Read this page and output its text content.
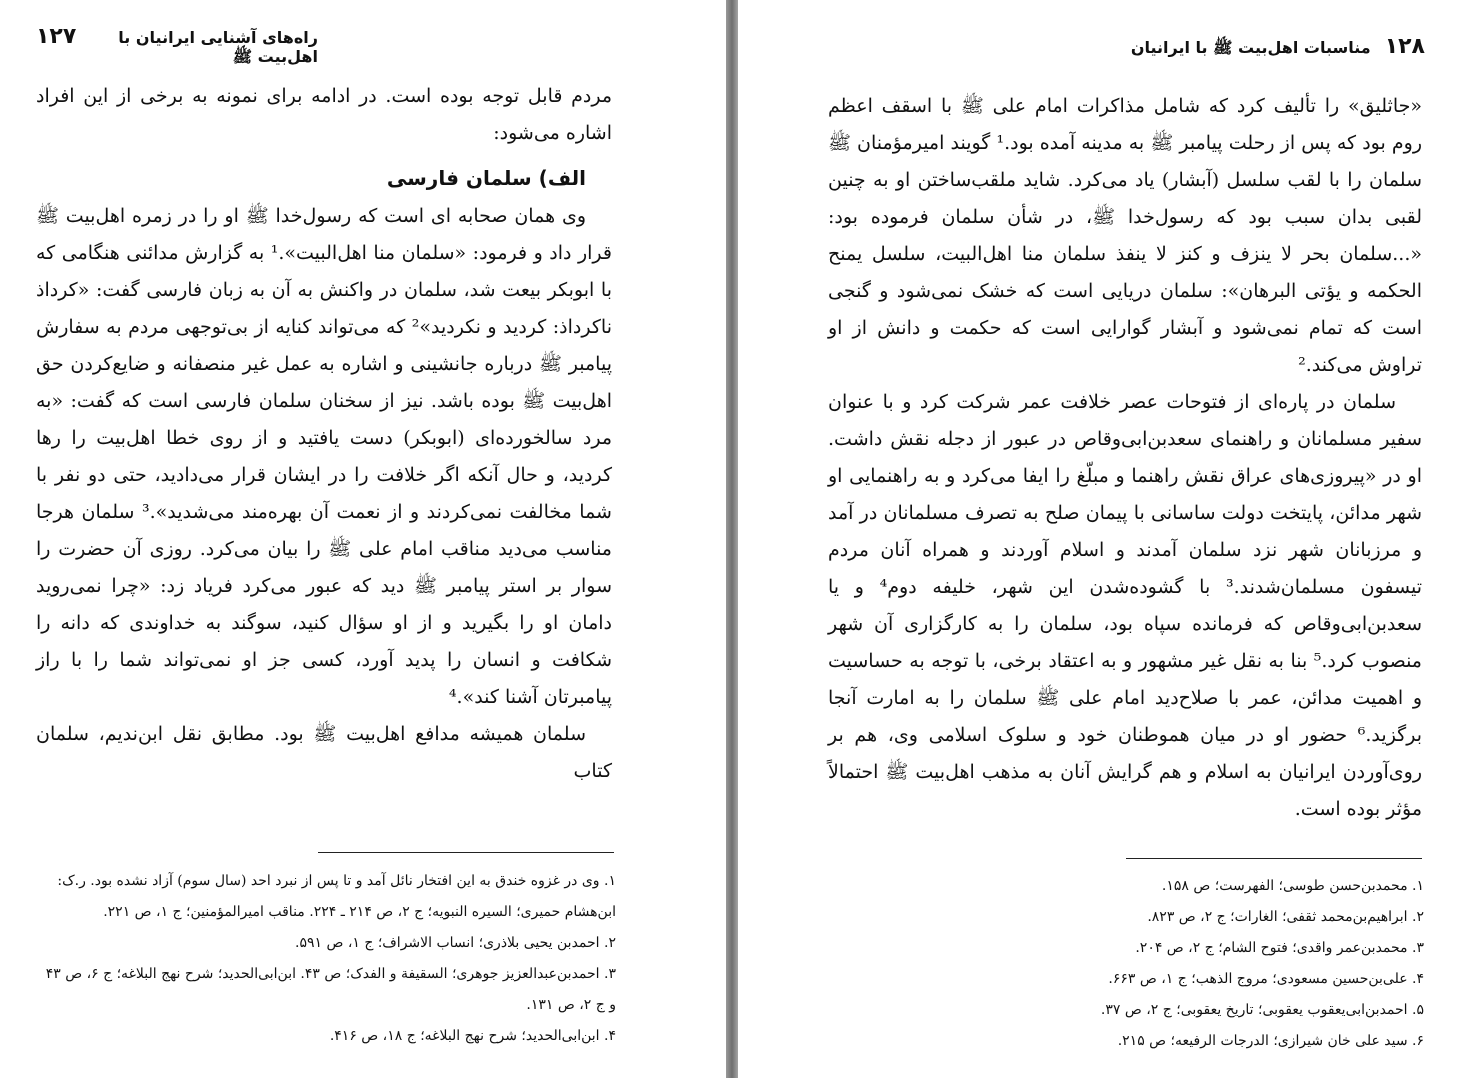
راه‌های آشنایی ایرانیان با اهل‌بیت ﷺ
۱۲۷

مردم قابل توجه بوده است. در ادامه برای نمونه به برخی از این افراد اشاره می‌شود:

الف) سلمان فارسی

وی همان صحابه ای است که رسول‌خدا ﷺ او را در زمره اهل‌بیت ﷺ قرار داد و فرمود: «سلمان منا اهل‌البیت».¹ به گزارش مدائنی هنگامی که با ابوبکر بیعت شد، سلمان در واکنش به آن به زبان فارسی گفت: «کرداذ ناکرداذ: کردید و نکردید»² که می‌تواند کنایه از بی‌توجهی مردم به سفارش پیامبر ﷺ درباره جانشینی و اشاره به عمل غیر منصفانه و ضایع‌کردن حق اهل‌بیت ﷺ بوده باشد. نیز از سخنان سلمان فارسی است که گفت: «به مرد سالخورده‌ای (ابوبکر) دست یافتید و از روی خطا اهل‌بیت را رها کردید، و حال آنکه اگر خلافت را در ایشان قرار می‌دادید، حتی دو نفر با شما مخالفت نمی‌کردند و از نعمت آن بهره‌مند می‌شدید».³ سلمان هرجا مناسب می‌دید مناقب امام علی ﷺ را بیان می‌کرد. روزی آن حضرت را سوار بر استر پیامبر ﷺ دید که عبور می‌کرد فریاد زد: «چرا نمی‌روید دامان او را بگیرید و از او سؤال کنید، سوگند به خداوندی که دانه را شکافت و انسان را پدید آورد، کسی جز او نمی‌تواند شما را با راز پیامبرتان آشنا کند».⁴

سلمان همیشه مدافع اهل‌بیت ﷺ بود. مطابق نقل ابن‌ندیم، سلمان کتاب

۱. وی در غزوه خندق به این افتخار نائل آمد و تا پس از نبرد احد (سال سوم) آزاد نشده بود. ر.ک: ابن‌هشام حمیری؛ السیره النبویه؛ ج ۲، ص ۲۱۴ ـ ۲۲۴. مناقب امیرالمؤمنین؛ ج ۱، ص ۲۲۱.
۲. احمدبن یحیی بلاذری؛ انساب الاشراف؛ ج ۱، ص ۵۹۱.
۳. احمدبن‌عبدالعزیز جوهری؛ السقیفة و الفدک؛ ص ۴۳. ابن‌ابی‌الحدید؛ شرح نهج البلاغه؛ ج ۶، ص ۴۳ و ج ۲، ص ۱۳۱.
۴. ابن‌ابی‌الحدید؛ شرح نهج البلاغه؛ ج ۱۸، ص ۴۱۶.
۱۲۸
مناسبات اهل‌بیت ﷺ با ایرانیان

«جاثلیق» را تألیف کرد که شامل مذاکرات امام علی ﷺ با اسقف اعظم روم بود که پس از رحلت پیامبر ﷺ به مدینه آمده بود.¹ گویند امیرمؤمنان ﷺ سلمان را با لقب سلسل (آبشار) یاد می‌کرد. شاید ملقب‌ساختن او به چنین لقبی بدان سبب بود که رسول‌خدا ﷺ، در شأن سلمان فرموده بود: «...سلمان بحر لا ینزف و کنز لا ینفذ سلمان منا اهل‌البیت، سلسل یمنح الحکمه و یؤتی البرهان»: سلمان دریایی است که خشک نمی‌شود و گنجی است که تمام نمی‌شود و آبشار گوارایی است که حکمت و دانش از او تراوش می‌کند.²

سلمان در پاره‌ای از فتوحات عصر خلافت عمر شرکت کرد و با عنوان سفیر مسلمانان و راهنمای سعدبن‌ابی‌وقاص در عبور از دجله نقش داشت. او در «پیروزی‌های عراق نقش راهنما و مبلّغ را ایفا می‌کرد و به راهنمایی او شهر مدائن، پایتخت دولت ساسانی با پیمان صلح به تصرف مسلمانان در آمد و مرزبانان شهر نزد سلمان آمدند و اسلام آوردند و همراه آنان مردم تیسفون مسلمان‌شدند.³ با گشوده‌شدن این شهر، خلیفه دوم⁴ و یا سعدبن‌ابی‌وقاص که فرمانده سپاه بود، سلمان را به کارگزاری آن شهر منصوب کرد.⁵ بنا به نقل غیر مشهور و به اعتقاد برخی، با توجه به حساسیت و اهمیت مدائن، عمر با صلاح‌دید امام علی ﷺ سلمان را به امارت آنجا برگزید.⁶ حضور او در میان هموطنان خود و سلوک اسلامی وی، هم بر روی‌آوردن ایرانیان به اسلام و هم گرایش آنان به مذهب اهل‌بیت ﷺ احتمالاً مؤثر بوده است.

۱. محمدبن‌حسن طوسی؛ الفهرست؛ ص ۱۵۸.
۲. ابراهیم‌بن‌محمد ثقفی؛ الغارات؛ ج ۲، ص ۸۲۳.
۳. محمدبن‌عمر واقدی؛ فتوح الشام؛ ج ۲، ص ۲۰۴.
۴. علی‌بن‌حسین مسعودی؛ مروج الذهب؛ ج ۱، ص ۶۶۳.
۵. احمدبن‌ابی‌یعقوب یعقوبی؛ تاریخ یعقوبی؛ ج ۲، ص ۳۷.
۶. سید علی خان شیرازی؛ الدرجات الرفیعه؛ ص ۲۱۵.
